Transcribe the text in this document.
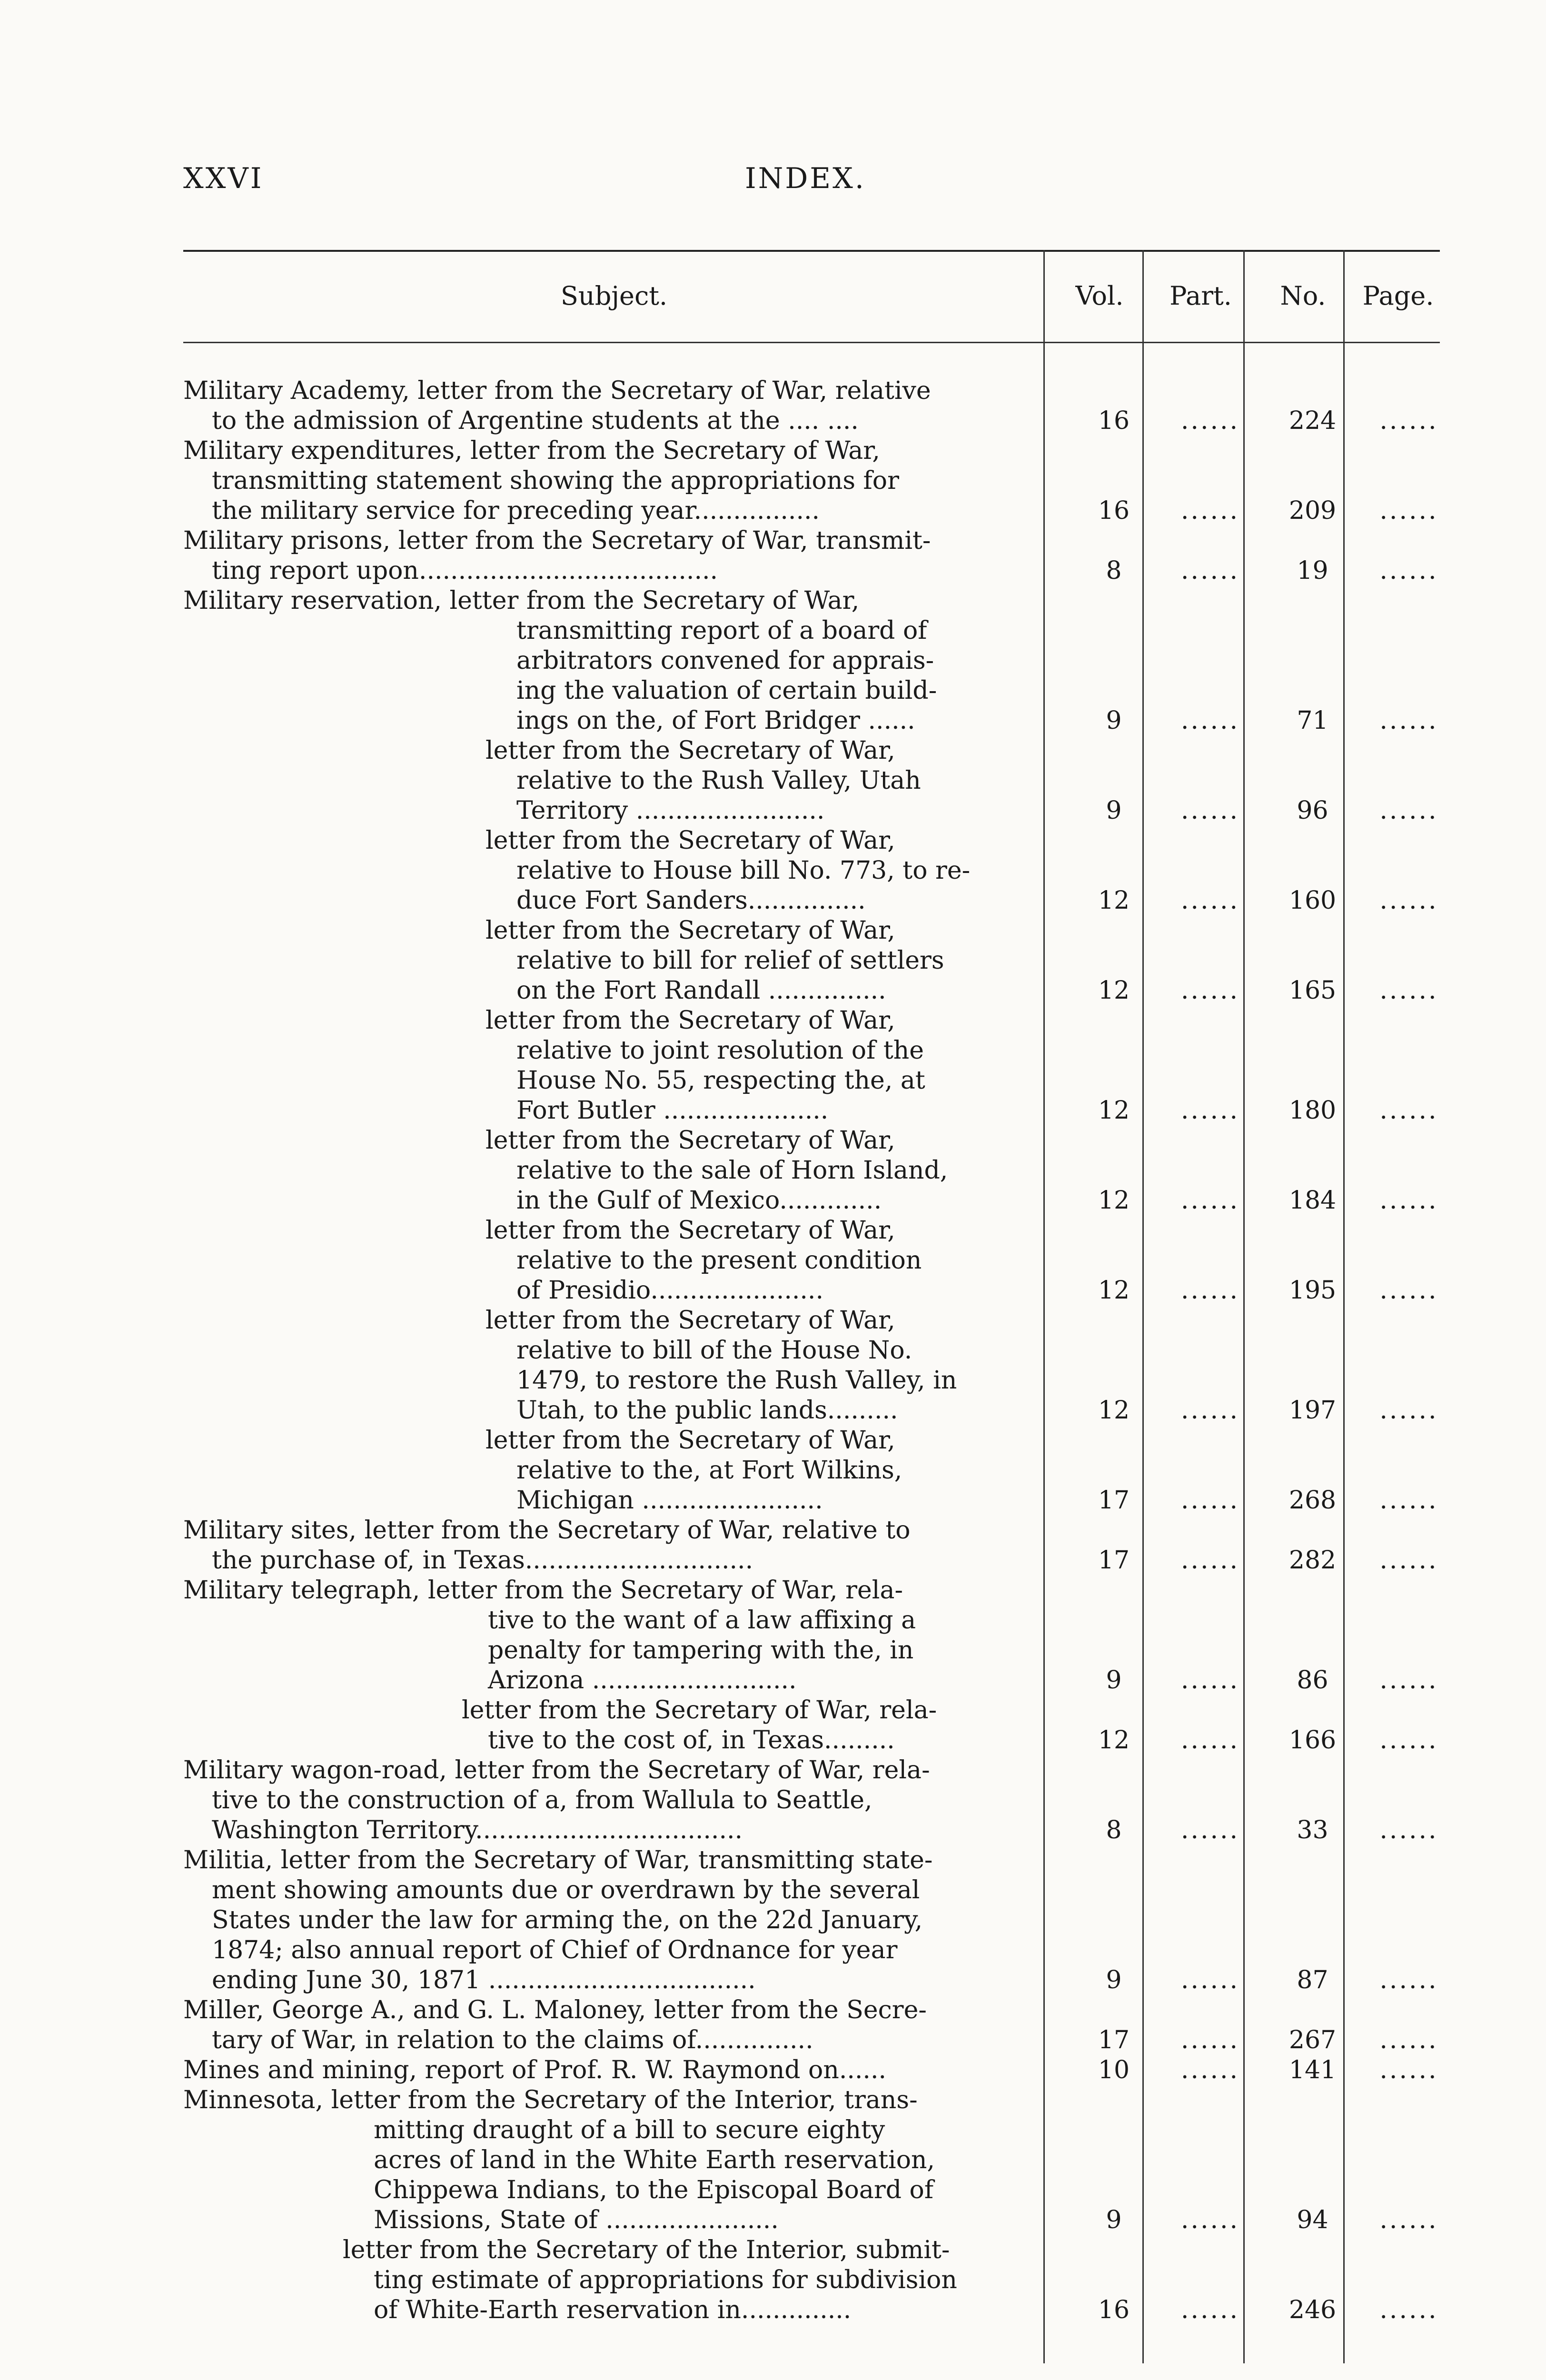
XXVI	INDEX.
Subject.	Vol.	Part.	No.	Page.
Military Academy, letter from the Secretary of War, relative
to the admission of Argentine students at the .... ....	16	......	224	......
Military expenditures, letter from the Secretary of War,
transmitting statement showing the appropriations for
the military service for preceding year................	16	......	209	......
Military prisons, letter from the Secretary of War, transmit-
ting report upon......................................	8	......	19	......
Military reservation, letter from the Secretary of War,
transmitting report of a board of
arbitrators convened for apprais-
ing the valuation of certain build-
ings on the, of Fort Bridger ......	9	......	71	......
letter from the Secretary of War,
relative to the Rush Valley, Utah
Territory ........................	9	......	96	......
letter from the Secretary of War,
relative to House bill No. 773, to re-
duce Fort Sanders...............	12	......	160	......
letter from the Secretary of War,
relative to bill for relief of settlers
on the Fort Randall ...............	12	......	165	......
letter from the Secretary of War,
relative to joint resolution of the
House No. 55, respecting the, at
Fort Butler .....................	12	......	180	......
letter from the Secretary of War,
relative to the sale of Horn Island,
in the Gulf of Mexico.............	12	......	184	......
letter from the Secretary of War,
relative to the present condition
of Presidio......................	12	......	195	......
letter from the Secretary of War,
relative to bill of the House No.
1479, to restore the Rush Valley, in
Utah, to the public lands.........	12	......	197	......
letter from the Secretary of War,
relative to the, at Fort Wilkins,
Michigan .......................	17	......	268	......
Military sites, letter from the Secretary of War, relative to
the purchase of, in Texas.............................	17	......	282	......
Military telegraph, letter from the Secretary of War, rela-
tive to the want of a law affixing a
penalty for tampering with the, in
Arizona ..........................	9	......	86	......
letter from the Secretary of War, rela-
tive to the cost of, in Texas.........	12	......	166	......
Military wagon-road, letter from the Secretary of War, rela-
tive to the construction of a, from Wallula to Seattle,
Washington Territory..................................	8	......	33	......
Militia, letter from the Secretary of War, transmitting state-
ment showing amounts due or overdrawn by the several
States under the law for arming the, on the 22d January,
1874; also annual report of Chief of Ordnance for year
ending June 30, 1871 ..................................	9	......	87	......
Miller, George A., and G. L. Maloney, letter from the Secre-
tary of War, in relation to the claims of...............	17	......	267	......
Mines and mining, report of Prof. R. W. Raymond on......	10	......	141	......
Minnesota, letter from the Secretary of the Interior, trans-
mitting draught of a bill to secure eighty
acres of land in the White Earth reservation,
Chippewa Indians, to the Episcopal Board of
Missions, State of ......................	9	......	94	......
letter from the Secretary of the Interior, submit-
ting estimate of appropriations for subdivision
of White-Earth reservation in..............	16	......	246	......
